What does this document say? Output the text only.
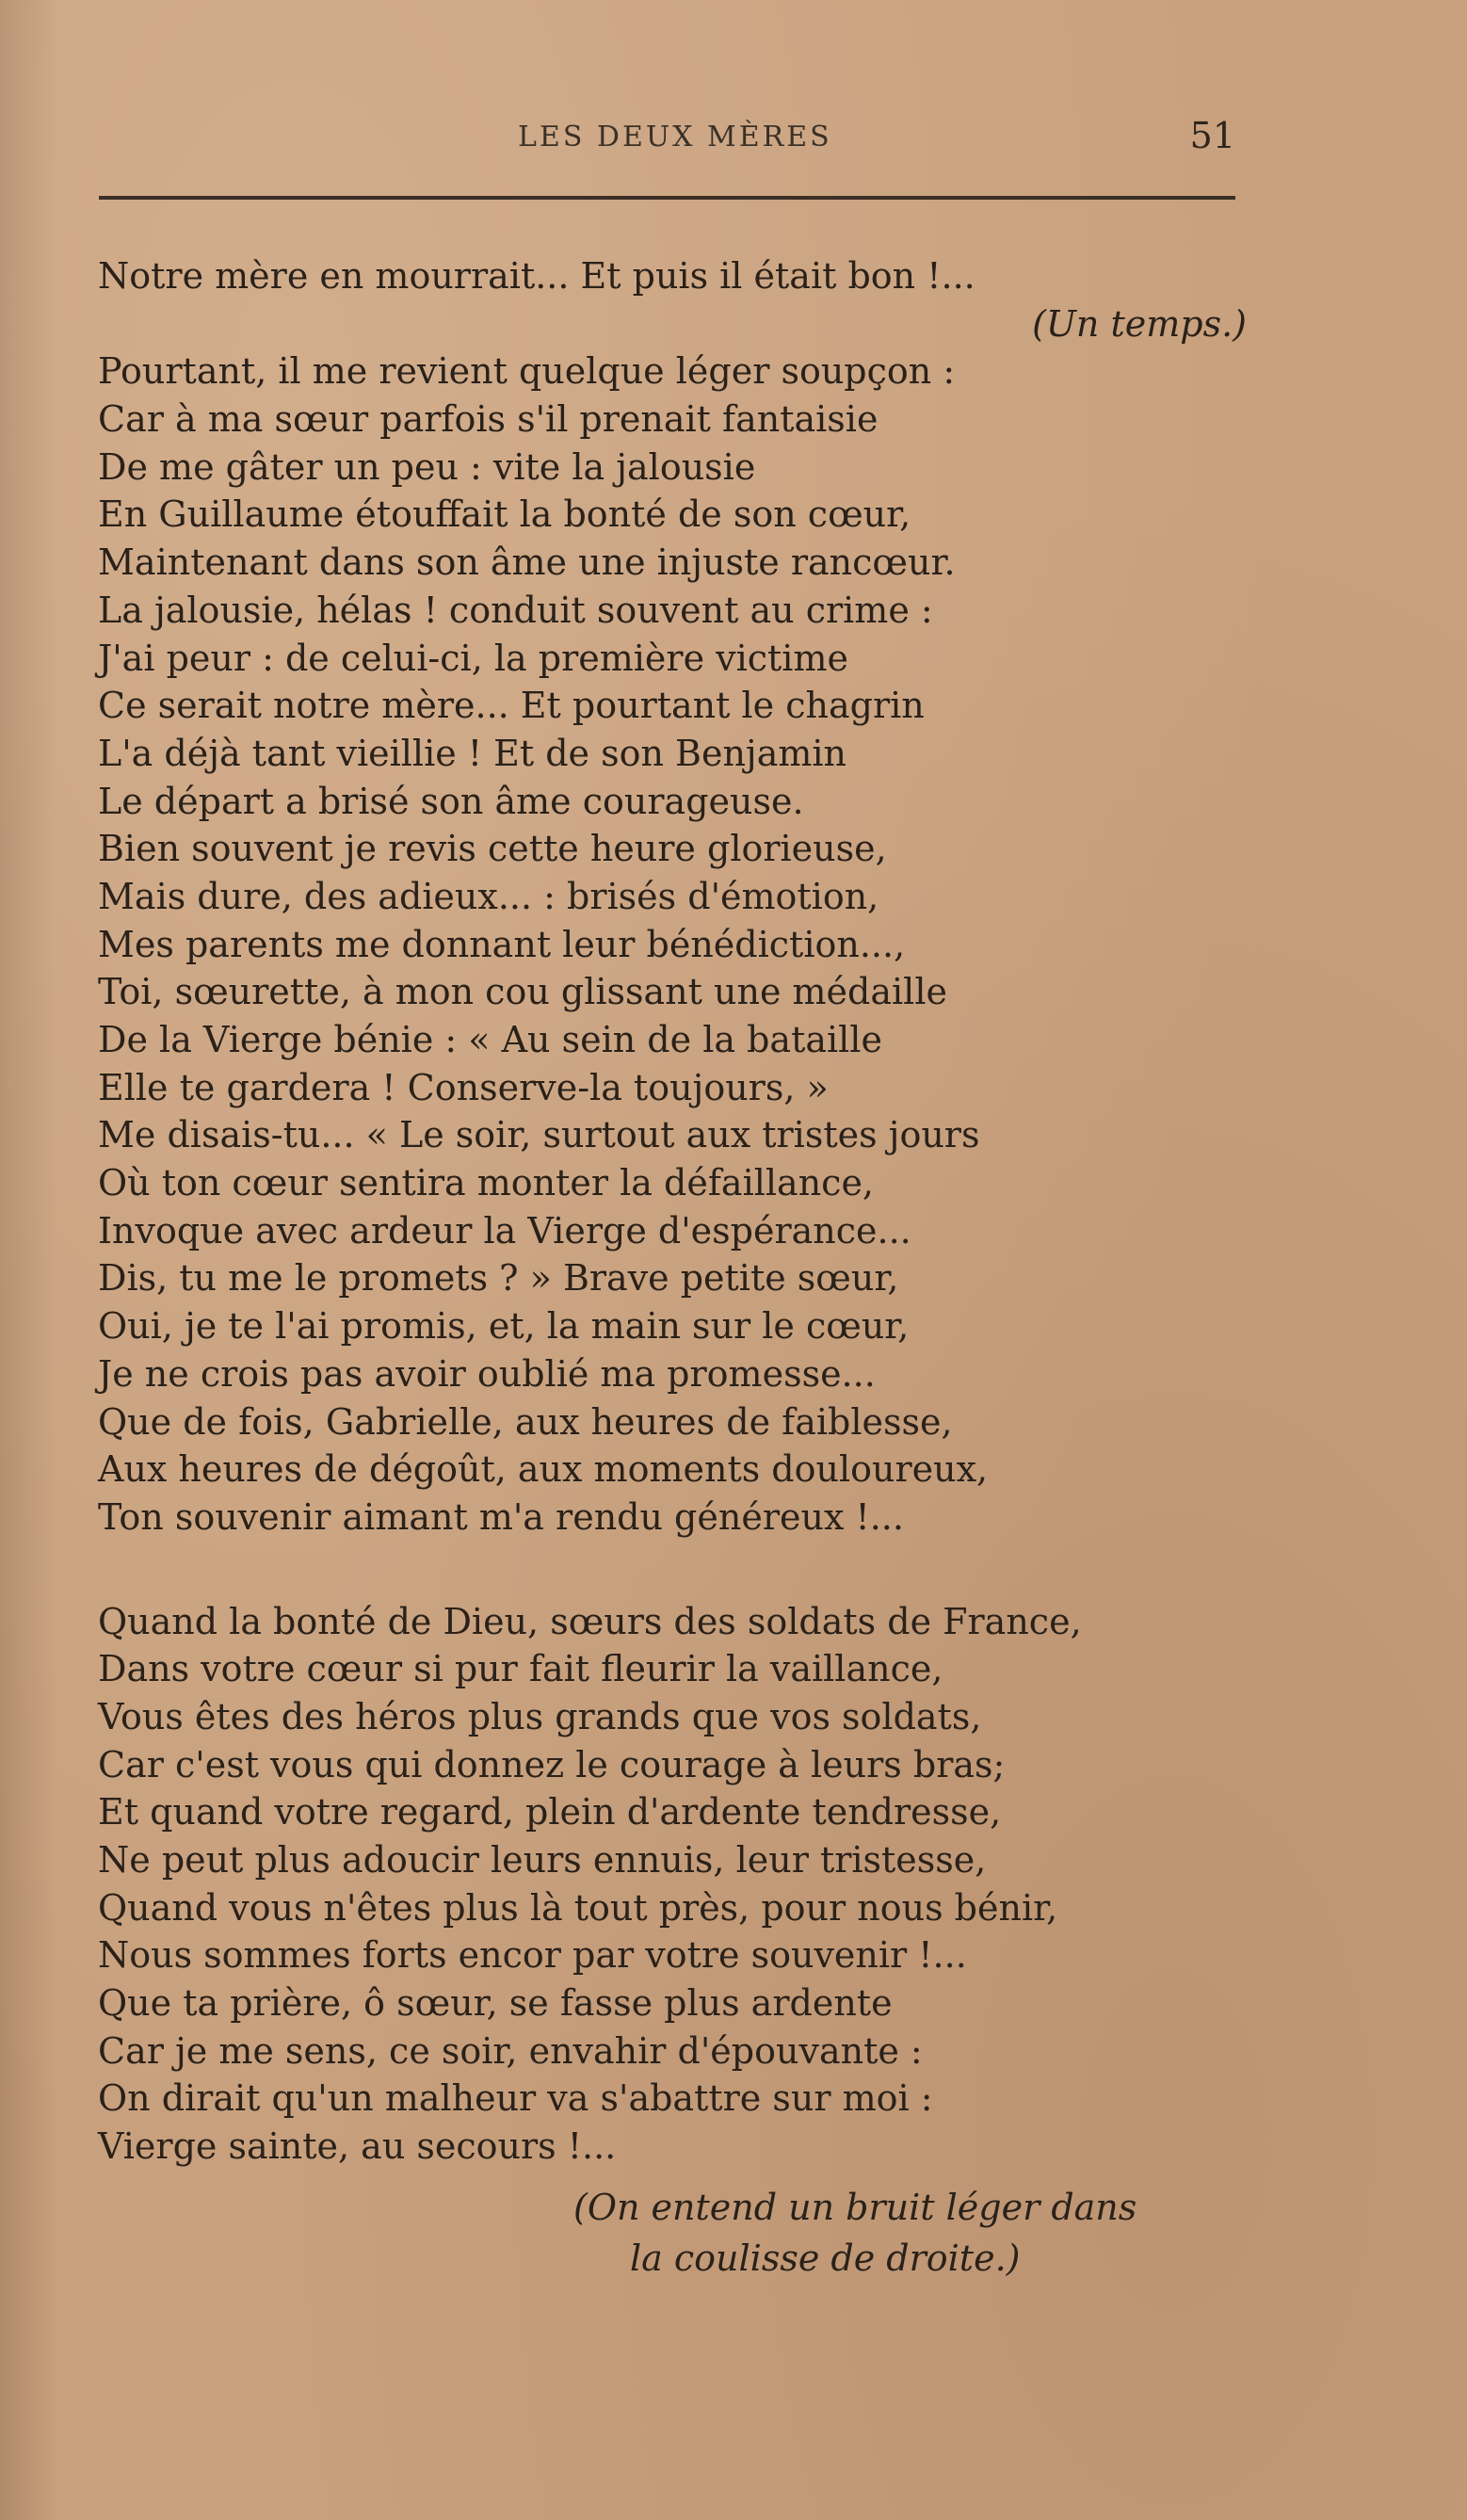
LES DEUX MÈRES	51
Notre mère en mourrait... Et puis il était bon !...
(Un temps.)
Pourtant, il me revient quelque léger soupçon :
Car à ma sœur parfois s'il prenait fantaisie
De me gâter un peu : vite la jalousie
En Guillaume étouffait la bonté de son cœur,
Maintenant dans son âme une injuste rancœur.
La jalousie, hélas ! conduit souvent au crime :
J'ai peur : de celui-ci, la première victime
Ce serait notre mère... Et pourtant le chagrin
L'a déjà tant vieillie ! Et de son Benjamin
Le départ a brisé son âme courageuse.
Bien souvent je revis cette heure glorieuse,
Mais dure, des adieux... : brisés d'émotion,
Mes parents me donnant leur bénédiction...,
Toi, sœurette, à mon cou glissant une médaille
De la Vierge bénie : « Au sein de la bataille
Elle te gardera ! Conserve-la toujours, »
Me disais-tu... « Le soir, surtout aux tristes jours
Où ton cœur sentira monter la défaillance,
Invoque avec ardeur la Vierge d'espérance...
Dis, tu me le promets ? » Brave petite sœur,
Oui, je te l'ai promis, et, la main sur le cœur,
Je ne crois pas avoir oublié ma promesse...
Que de fois, Gabrielle, aux heures de faiblesse,
Aux heures de dégoût, aux moments douloureux,
Ton souvenir aimant m'a rendu généreux !...
Quand la bonté de Dieu, sœurs des soldats de France,
Dans votre cœur si pur fait fleurir la vaillance,
Vous êtes des héros plus grands que vos soldats,
Car c'est vous qui donnez le courage à leurs bras;
Et quand votre regard, plein d'ardente tendresse,
Ne peut plus adoucir leurs ennuis, leur tristesse,
Quand vous n'êtes plus là tout près, pour nous bénir,
Nous sommes forts encor par votre souvenir !...
Que ta prière, ô sœur, se fasse plus ardente
Car je me sens, ce soir, envahir d'épouvante :
On dirait qu'un malheur va s'abattre sur moi :
Vierge sainte, au secours !...
(On entend un bruit léger dans
la coulisse de droite.)
